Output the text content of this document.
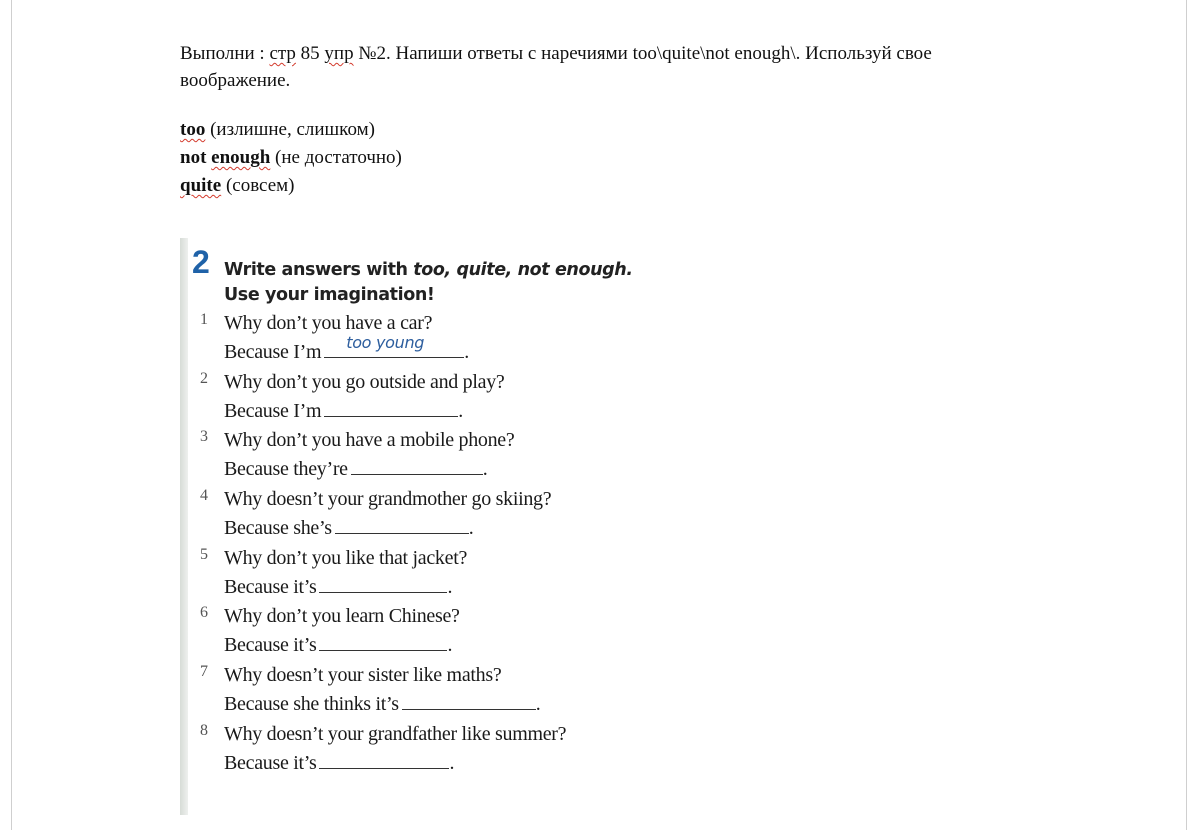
Выполни : стр 85 упр №2. Напиши ответы с наречиями too\quite\not enough\. Используй свое
воображение.
too (излишне, слишком)
not enough (не достаточно)
quite (совсем)
2 Write answers with too, quite, not enough.
Use your imagination!
1 Why don’t you have a car?
Because I’m too young .
2 Why don’t you go outside and play?
Because I’m	.
3 Why don’t you have a mobile phone?
Because they’re	.
4 Why doesn’t your grandmother go skiing?
Because she’s	.
5 Why don’t you like that jacket?
Because it’s	.
6 Why don’t you learn Chinese?
Because it’s	.
7 Why doesn’t your sister like maths?
Because she thinks it’s	.
8 Why doesn’t your grandfather like summer?
Because it’s	.
